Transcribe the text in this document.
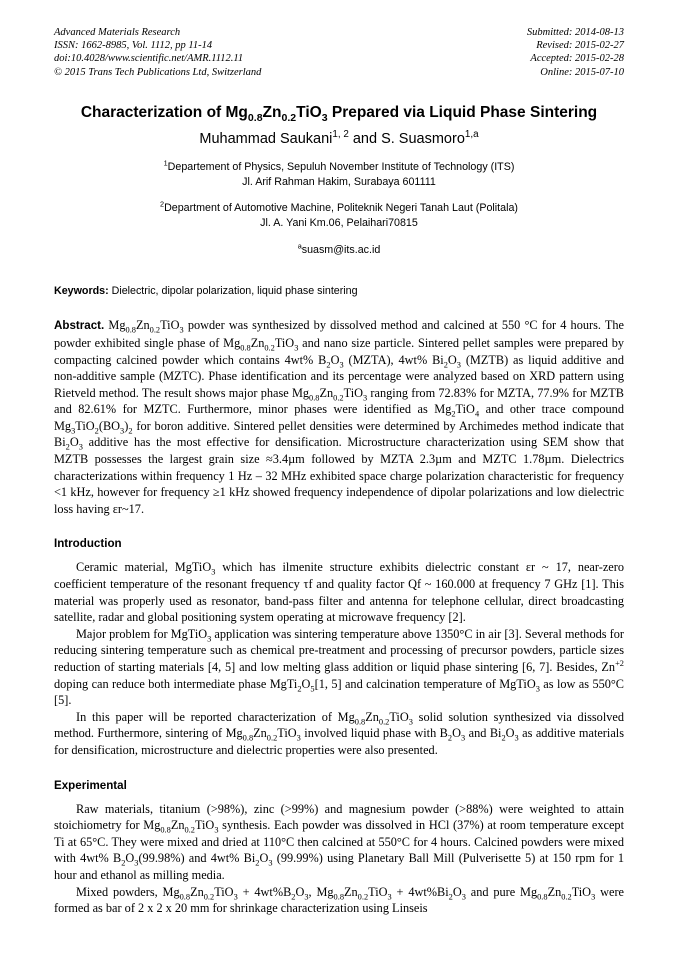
Advanced Materials Research
ISSN: 1662-8985, Vol. 1112, pp 11-14
doi:10.4028/www.scientific.net/AMR.1112.11
© 2015 Trans Tech Publications Ltd, Switzerland
Submitted: 2014-08-13
Revised: 2015-02-27
Accepted: 2015-02-28
Online: 2015-07-10
Characterization of $Mg_{0.8}Zn_{0.2}TiO_3$ Prepared via Liquid Phase Sintering
Muhammad Saukani$^{1, 2}$ and S. Suasmoro$^{1,a}$
$^1$Departement of Physics, Sepuluh November Institute of Technology (ITS)
Jl. Arif Rahman Hakim, Surabaya 601111
$^2$Department of Automotive Machine, Politeknik Negeri Tanah Laut (Politala)
Jl. A. Yani Km.06, Pelaihari70815
$^a$suasm@its.ac.id
Keywords: Dielectric, dipolar polarization, liquid phase sintering
Abstract. $Mg_{0.8}Zn_{0.2}TiO_3$ powder was synthesized by dissolved method and calcined at 550 °C for 4 hours. The powder exhibited single phase of $Mg_{0.8}Zn_{0.2}TiO_3$ and nano size particle. Sintered pellet samples were prepared by compacting calcined powder which contains 4wt% $B_2O_3$ (MZTA), 4wt% $Bi_2O_3$ (MZTB) as liquid additive and non-additive sample (MZTC). Phase identification and its percentage were analyzed based on XRD pattern using Rietveld method. The result shows major phase $Mg_{0.8}Zn_{0.2}TiO_3$ ranging from 72.83% for MZTA, 77.9% for MZTB and 82.61% for MZTC. Furthermore, minor phases were identified as $Mg_2TiO_4$ and other trace compound $Mg_3TiO_2(BO_3)_2$ for boron additive. Sintered pellet densities were determined by Archimedes method indicate that $Bi_2O_3$ additive has the most effective for densification. Microstructure characterization using SEM show that MZTB possesses the largest grain size ≈3.4µm followed by MZTA 2.3µm and MZTC 1.78µm. Dielectrics characterizations within frequency 1 Hz – 32 MHz exhibited space charge polarization characteristic for frequency <1 kHz, however for frequency ≥1 kHz showed frequency independence of dipolar polarizations and low dielectric loss having εr~17.
Introduction

Ceramic material, MgTiO$_3$ which has ilmenite structure exhibits dielectric constant εr ~ 17, near-zero coefficient temperature of the resonant frequency τf and quality factor Qf ~ 160.000 at frequency 7 GHz [1]. This material was properly used as resonator, band-pass filter and antenna for telephone cellular, direct broadcasting satellite, radar and global positioning system operating at microwave frequency [2].

Major problem for MgTiO$_3$ application was sintering temperature above 1350°C in air [3]. Several methods for reducing sintering temperature such as chemical pre-treatment and processing of precursor powders, particle sizes reduction of starting materials [4, 5] and low melting glass addition or liquid phase sintering [6, 7]. Besides, $Zn^{+2}$ doping can reduce both intermediate phase $MgTi_2O_5[1$, 5] and calcination temperature of MgTiO$_3$ as low as 550°C [5].

In this paper will be reported characterization of $Mg_{0.8}Zn_{0.2}TiO_3$ solid solution synthesized via dissolved method. Furthermore, sintering of $Mg_{0.8}Zn_{0.2}TiO_3$ involved liquid phase with $B_2O_3$ and $Bi_2O_3$ as additive materials for densification, microstructure and dielectric properties were also presented.

Experimental

Raw materials, titanium (>98%), zinc (>99%) and magnesium powder (>88%) were weighted to attain stoichiometry for $Mg_{0.8}Zn_{0.2}TiO_3$ synthesis. Each powder was dissolved in HCl (37%) at room temperature except Ti at 65°C. They were mixed and dried at 110°C then calcined at 550°C for 4 hours. Calcined powders were mixed with 4wt% $B_2O_3(99.98\%)$ and 4wt% $Bi_2O_3$ (99.99%) using Planetary Ball Mill (Pulverisette 5) at 150 rpm for 1 hour and ethanol as milling media.

Mixed powders, $Mg_{0.8}Zn_{0.2}TiO_3 + 4wt\%B_2O_3$, $Mg_{0.8}Zn_{0.2}TiO_3 + 4wt\%Bi_2O_3$ and pure $Mg_{0.8}Zn_{0.2}TiO_3$ were formed as bar of 2 x 2 x 20 mm for shrinkage characterization using Linseis
